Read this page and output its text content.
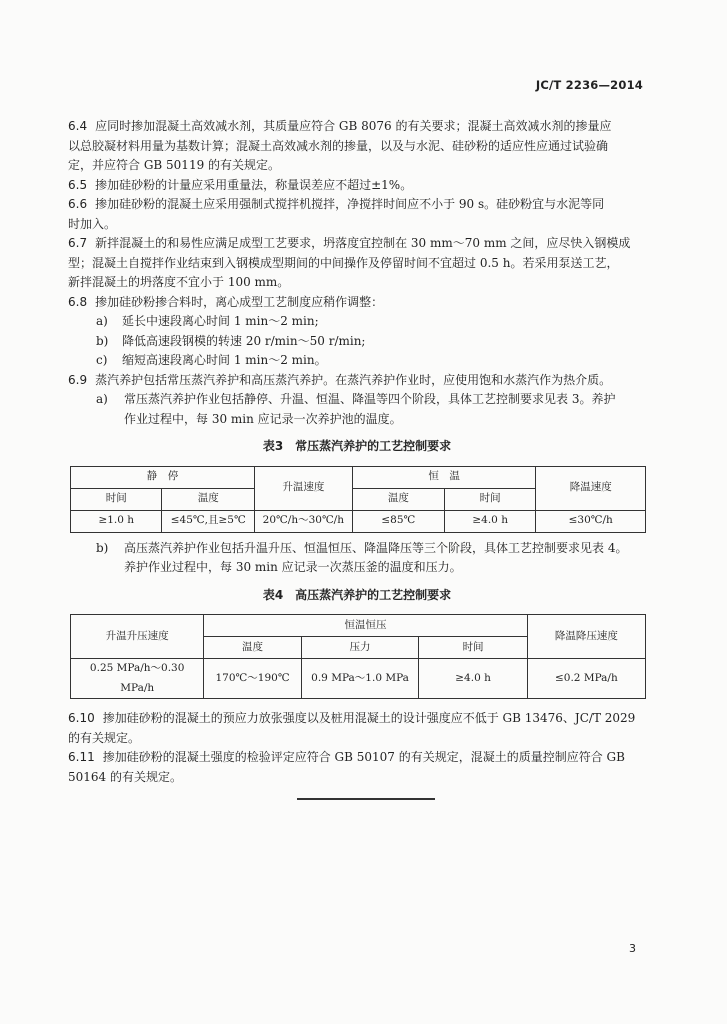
JC/T 2236—2014

6.4 应同时掺加混凝土高效减水剂，其质量应符合 GB 8076 的有关要求；混凝土高效减水剂的掺量应

以总胶凝材料用量为基数计算；混凝土高效减水剂的掺量，以及与水泥、硅砂粉的适应性应通过试验确

定，并应符合 GB 50119 的有关规定。

6.5 掺加硅砂粉的计量应采用重量法，称量误差应不超过±1%。

6.6 掺加硅砂粉的混凝土应采用强制式搅拌机搅拌，净搅拌时间应不小于 90 s。硅砂粉宜与水泥等同

时加入。

6.7 新拌混凝土的和易性应满足成型工艺要求，坍落度宜控制在 30 mm～70 mm 之间，应尽快入钢模成

型；混凝土自搅拌作业结束到入钢模成型期间的中间操作及停留时间不宜超过 0.5 h。若采用泵送工艺，

新拌混凝土的坍落度不宜小于 100 mm。

6.8 掺加硅砂粉掺合料时，离心成型工艺制度应稍作调整：

a) 延长中速段离心时间 1 min～2 min;

b) 降低高速段钢模的转速 20 r/min～50 r/min;

c) 缩短高速段离心时间 1 min～2 min。

6.9 蒸汽养护包括常压蒸汽养护和高压蒸汽养护。在蒸汽养护作业时，应使用饱和水蒸汽作为热介质。

a) 常压蒸汽养护作业包括静停、升温、恒温、降温等四个阶段，具体工艺控制要求见表 3。养护

作业过程中，每 30 min 应记录一次养护池的温度。

表3　常压蒸汽养护的工艺控制要求
静　停		升温速度	恒　温		降温速度
时间	温度		温度	时间	
≥1.0 h	≤45℃,且≥5℃	20℃/h～30℃/h	≤85℃	≥4.0 h	≤30℃/h

b) 高压蒸汽养护作业包括升温升压、恒温恒压、降温降压等三个阶段，具体工艺控制要求见表 4。

养护作业过程中，每 30 min 应记录一次蒸压釜的温度和压力。

表4　高压蒸汽养护的工艺控制要求
升温升压速度	恒温恒压			降温降压速度
	温度	压力	时间	
0.25 MPa/h～0.30 MPa/h	170℃～190℃	0.9 MPa～1.0 MPa	≥4.0 h	≤0.2 MPa/h

6.10 掺加硅砂粉的混凝土的预应力放张强度以及桩用混凝土的设计强度应不低于 GB 13476、JC/T 2029

的有关规定。

6.11 掺加硅砂粉的混凝土强度的检验评定应符合 GB 50107 的有关规定，混凝土的质量控制应符合 GB

50164 的有关规定。

3
